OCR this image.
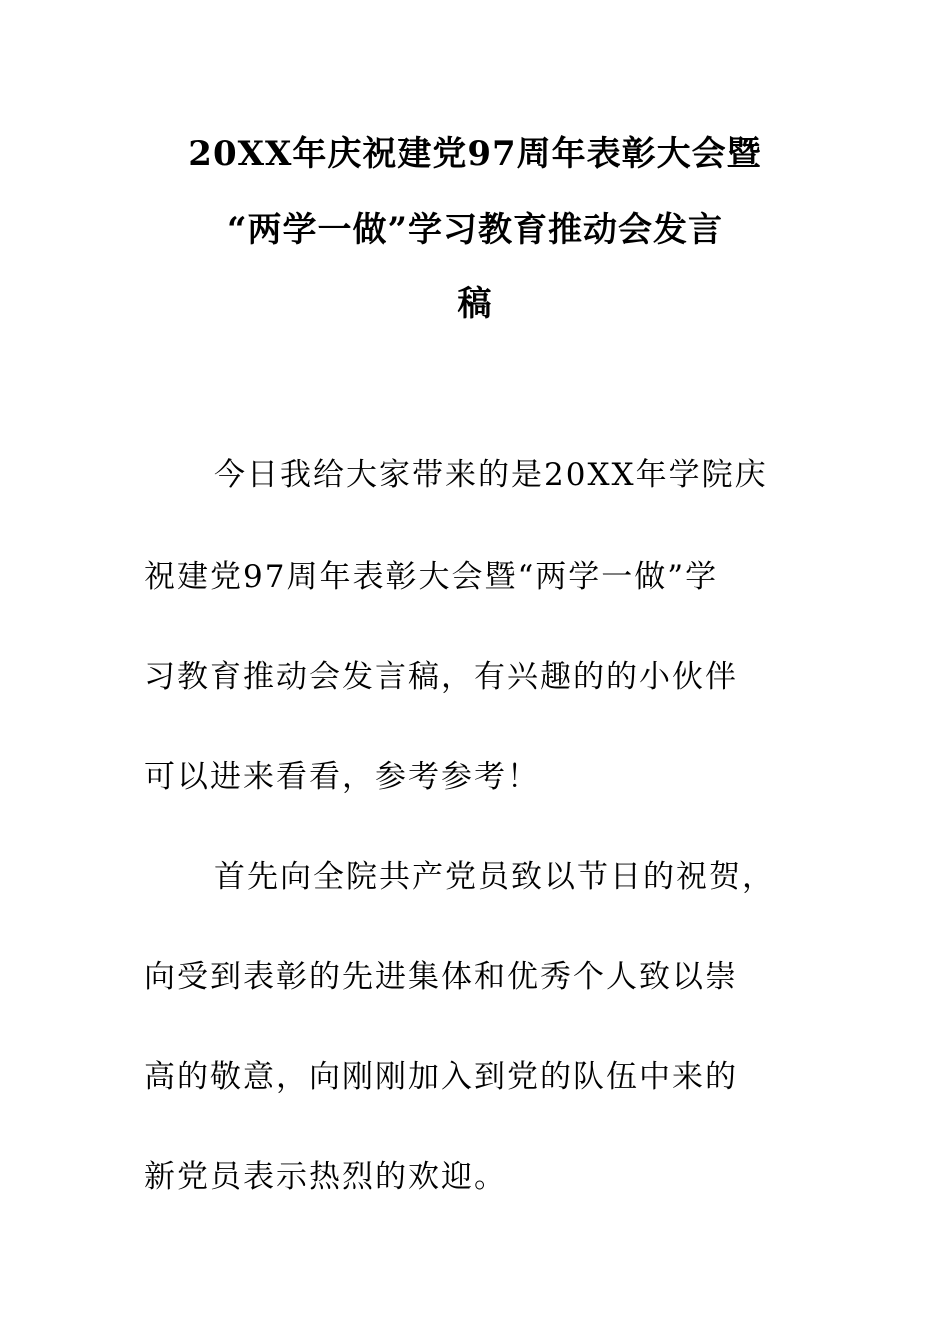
20XX年庆祝建党97周年表彰大会暨
“两学一做”学习教育推动会发言
稿
今日我给大家带来的是20XX年学院庆
祝建党97周年表彰大会暨“两学一做”学
习教育推动会发言稿，有兴趣的的小伙伴
可以进来看看，参考参考！
首先向全院共产党员致以节日的祝贺，
向受到表彰的先进集体和优秀个人致以崇
高的敬意，向刚刚加入到党的队伍中来的
新党员表示热烈的欢迎。
